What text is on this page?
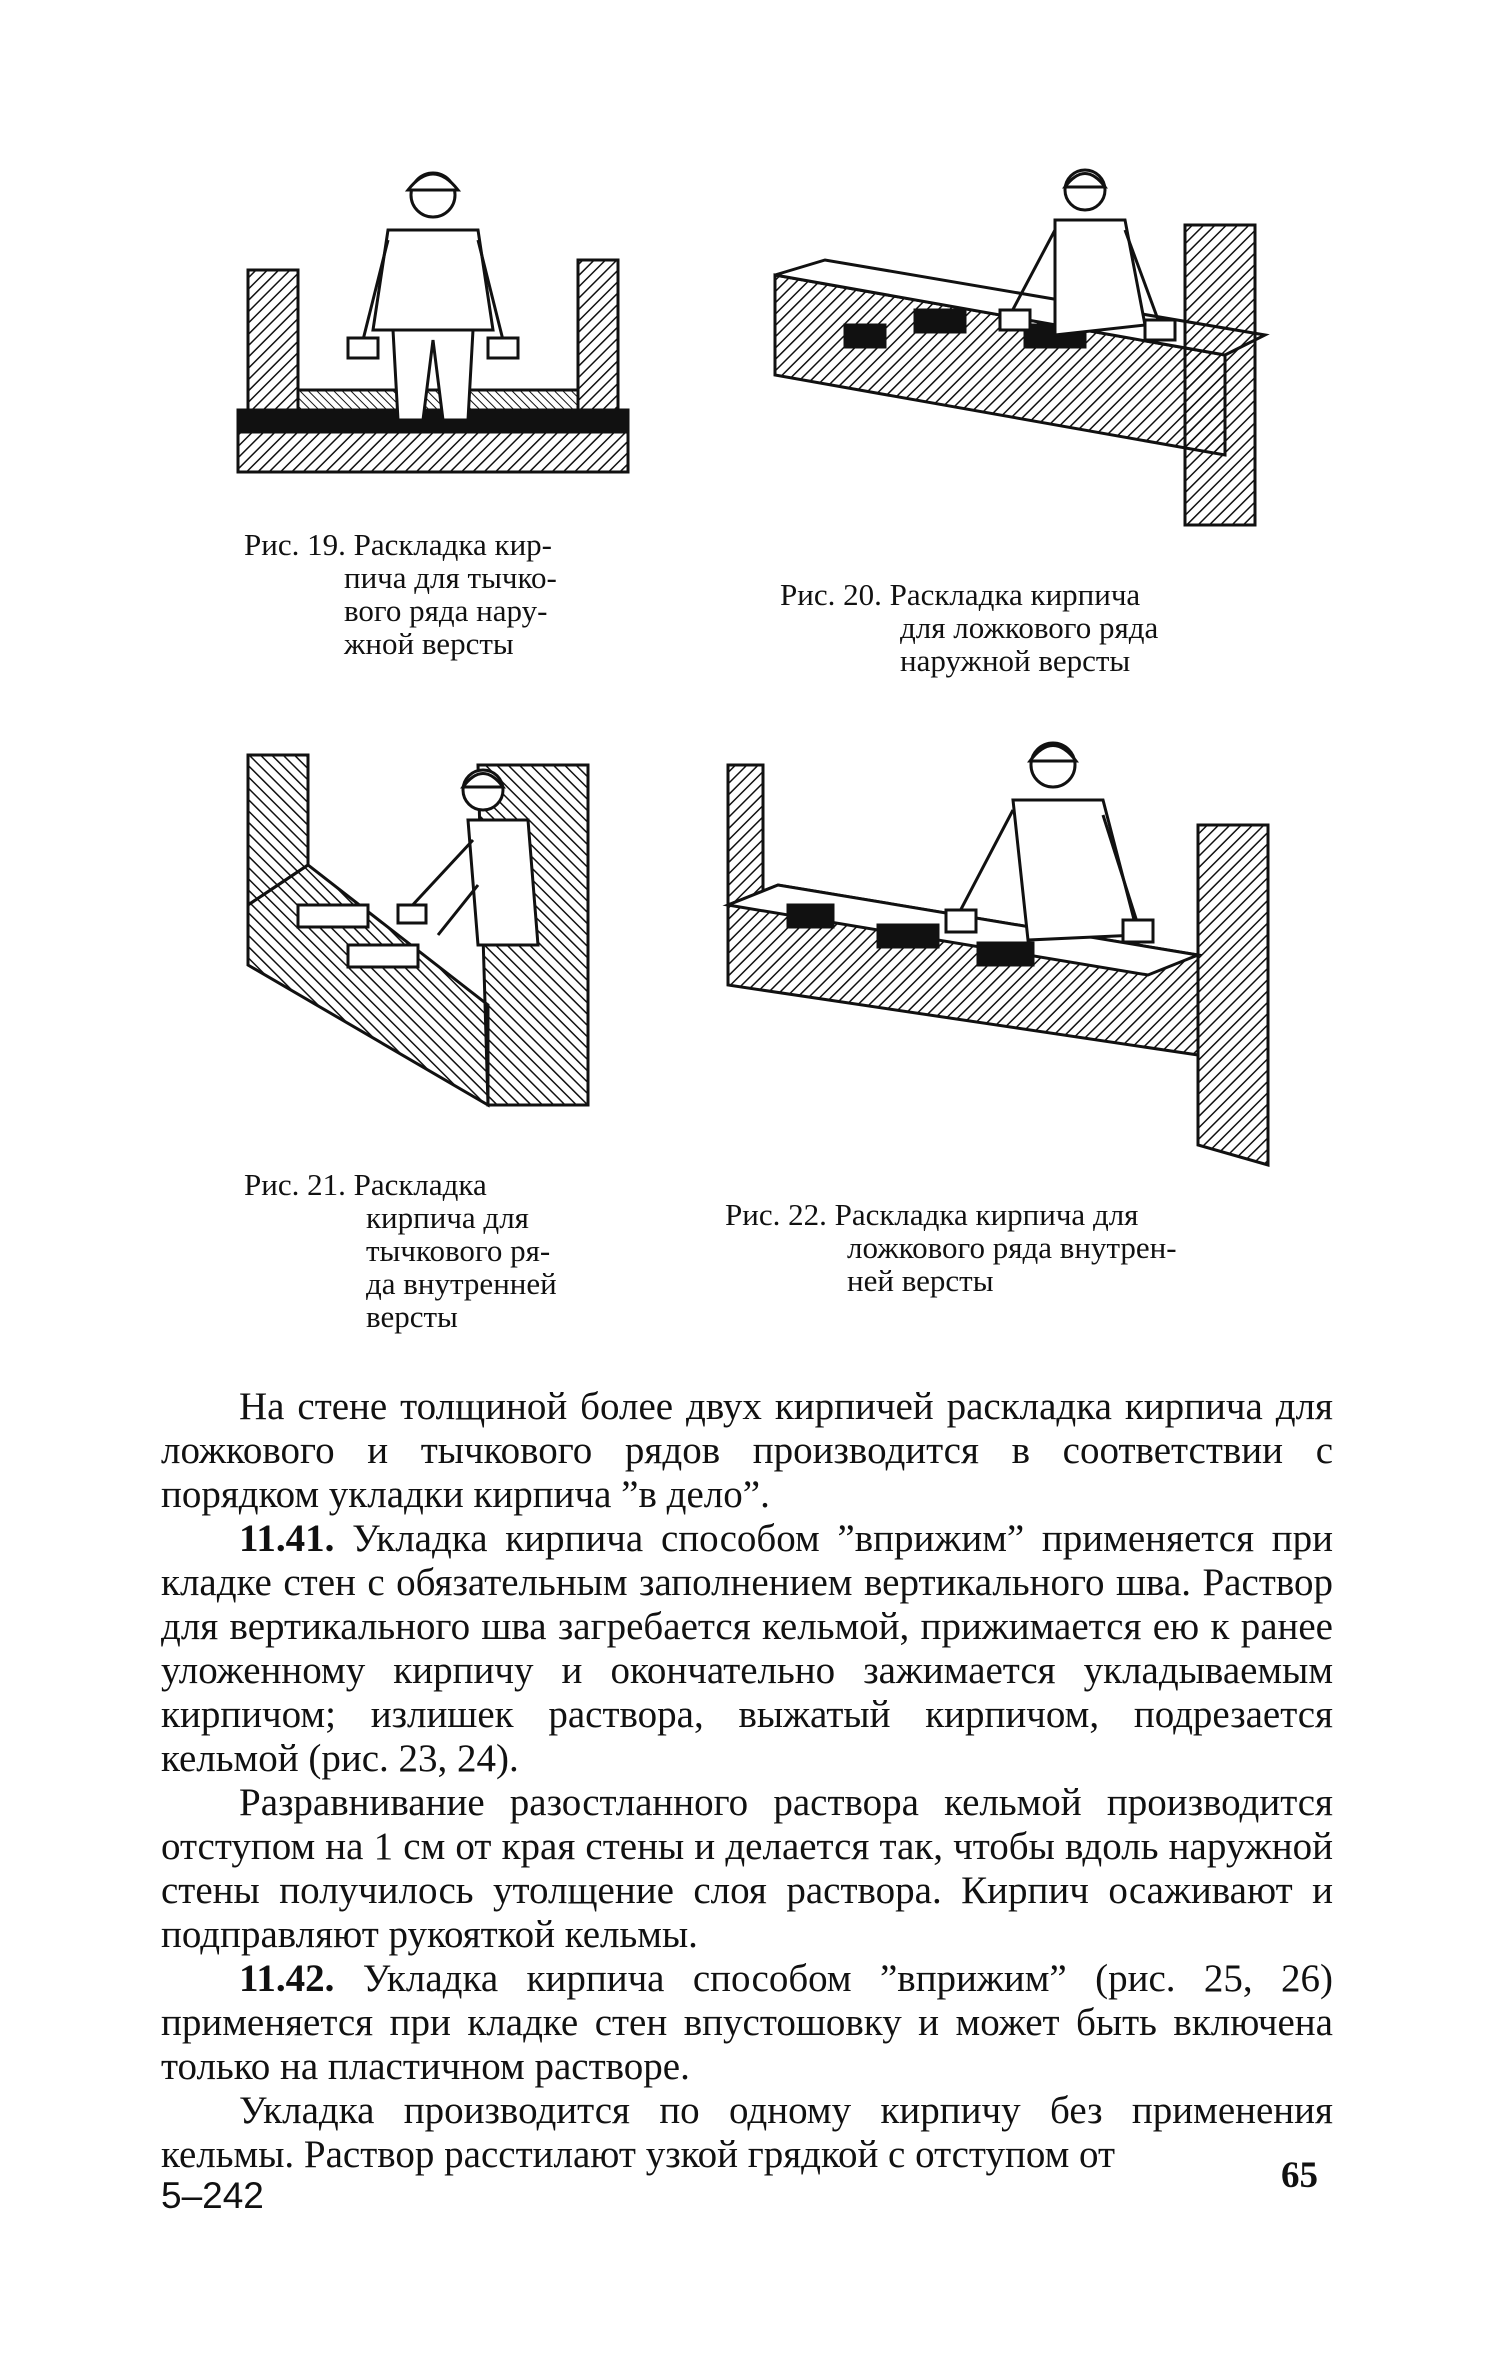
Рис. 19. Раскладка кир-
пича для тычко-
вого ряда нару-
жной версты
Рис. 20. Раскладка кирпича
для ложкового ряда
наружной версты
Рис. 21. Раскладка
кирпича для
тычкового ря-
да внутренней
версты
Рис. 22. Раскладка кирпича для
ложкового ряда внутрен-
ней версты

На стене толщиной более двух кирпичей раскладка кирпича для ложкового и тычкового рядов производится в соответствии с порядком укладки кирпича ”в дело”.

11.41. Укладка кирпича способом ”вприжим” применяется при кладке стен с обязательным заполнением вертикального шва. Раствор для вертикального шва загребается кельмой, прижимается ею к ранее уложенному кирпичу и окончательно зажимается укладываемым кирпичом; излишек раствора, выжатый кирпичом, подрезается кельмой (рис. 23, 24).

Разравнивание разостланного раствора кельмой производится отступом на 1 см от края стены и делается так, чтобы вдоль наружной стены получилось утолщение слоя раствора. Кирпич осаживают и подправляют рукояткой кельмы.

11.42. Укладка кирпича способом ”вприжим” (рис. 25, 26) применяется при кладке стен впустошовку и может быть включена только на пластичном растворе.

Укладка производится по одному кирпичу без применения кельмы. Раствор расстилают узкой грядкой с отступом от

5–242	65
